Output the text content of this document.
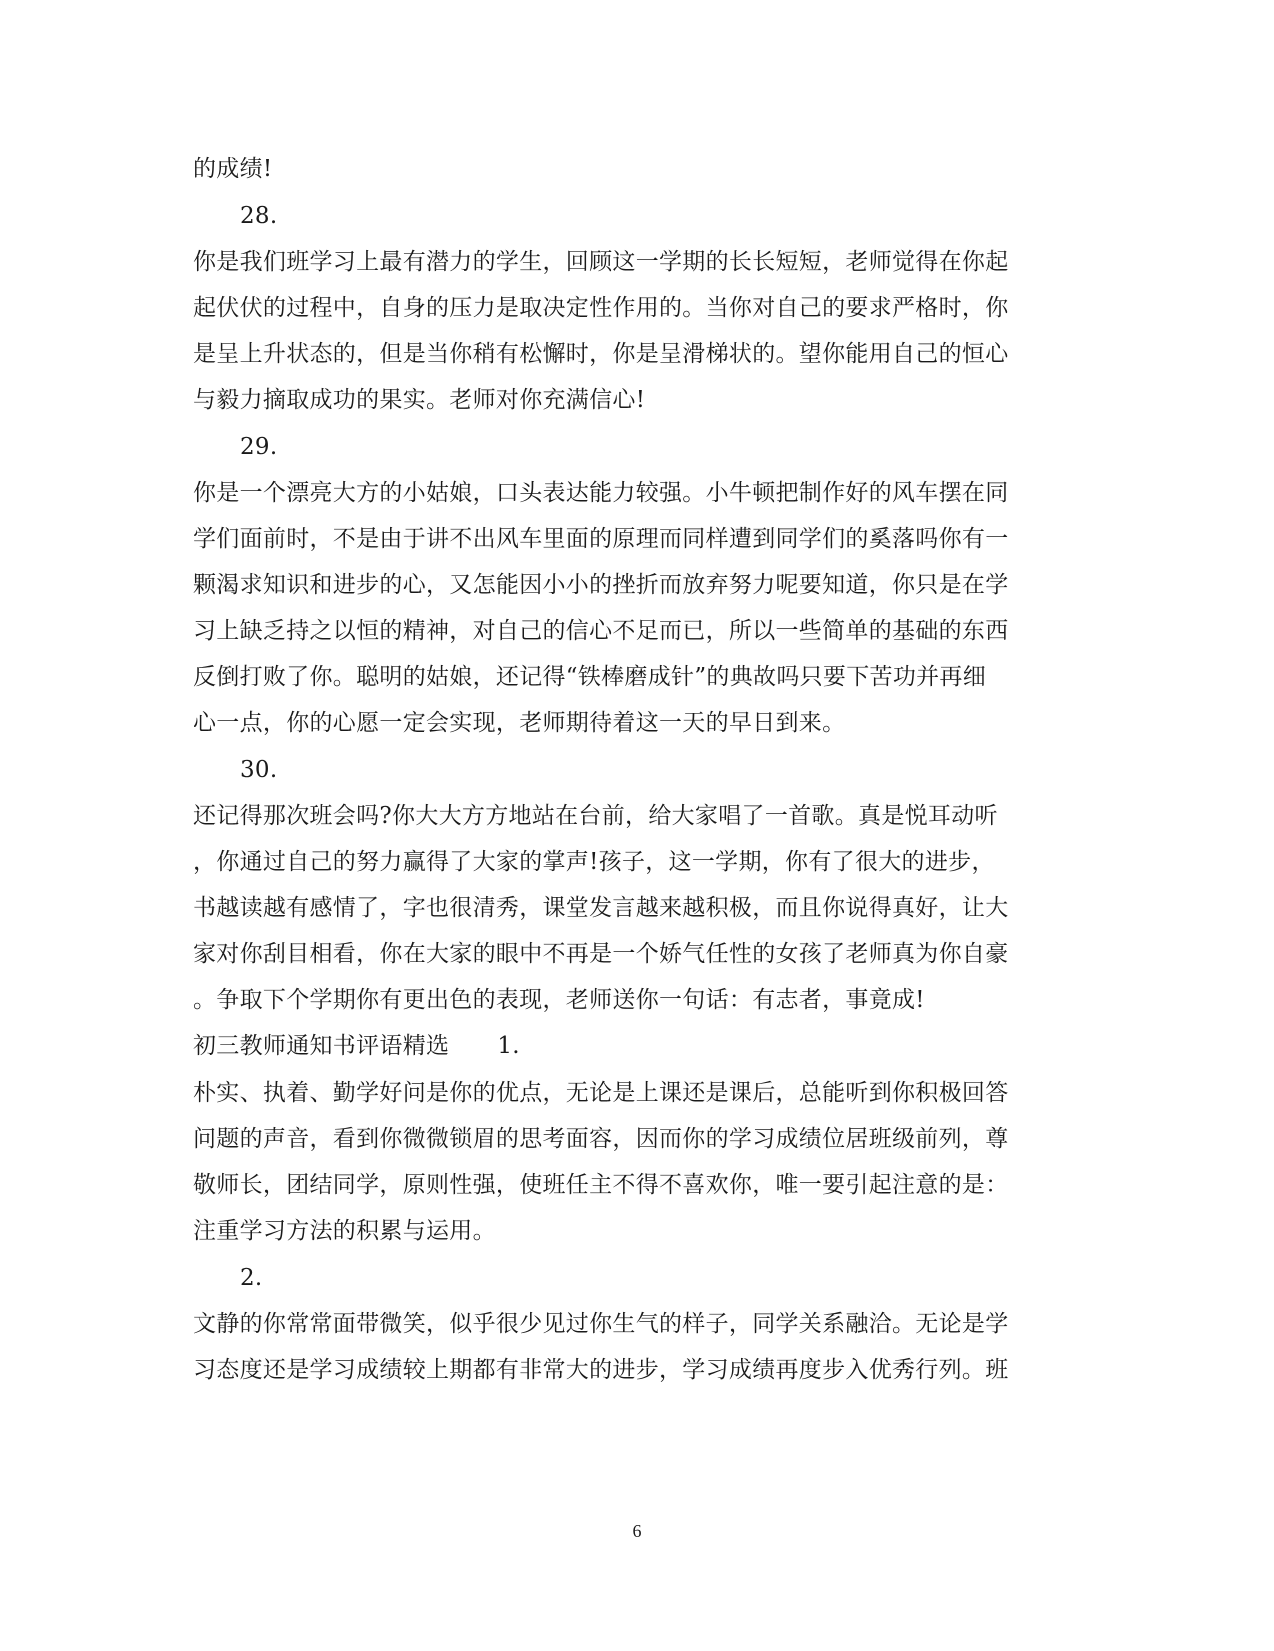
的成绩!
28.
你是我们班学习上最有潜力的学生，回顾这一学期的长长短短，老师觉得在你起
起伏伏的过程中，自身的压力是取决定性作用的。当你对自己的要求严格时，你
是呈上升状态的，但是当你稍有松懈时，你是呈滑梯状的。望你能用自己的恒心
与毅力摘取成功的果实。老师对你充满信心!
29.
你是一个漂亮大方的小姑娘，口头表达能力较强。小牛顿把制作好的风车摆在同
学们面前时，不是由于讲不出风车里面的原理而同样遭到同学们的奚落吗你有一
颗渴求知识和进步的心，又怎能因小小的挫折而放弃努力呢要知道，你只是在学
习上缺乏持之以恒的精神，对自己的信心不足而已，所以一些简单的基础的东西
反倒打败了你。聪明的姑娘，还记得“铁棒磨成针”的典故吗只要下苦功并再细
心一点，你的心愿一定会实现，老师期待着这一天的早日到来。
30.
还记得那次班会吗?你大大方方地站在台前，给大家唱了一首歌。真是悦耳动听
，你通过自己的努力赢得了大家的掌声!孩子，这一学期，你有了很大的进步，
书越读越有感情了，字也很清秀，课堂发言越来越积极，而且你说得真好，让大
家对你刮目相看，你在大家的眼中不再是一个娇气任性的女孩了老师真为你自豪
。争取下个学期你有更出色的表现，老师送你一句话：有志者，事竟成!
初三教师通知书评语精选 1.
朴实、执着、勤学好问是你的优点，无论是上课还是课后，总能听到你积极回答
问题的声音，看到你微微锁眉的思考面容，因而你的学习成绩位居班级前列，尊
敬师长，团结同学，原则性强，使班任主不得不喜欢你，唯一要引起注意的是：
注重学习方法的积累与运用。
2.
文静的你常常面带微笑，似乎很少见过你生气的样子，同学关系融洽。无论是学
习态度还是学习成绩较上期都有非常大的进步，学习成绩再度步入优秀行列。班
6
